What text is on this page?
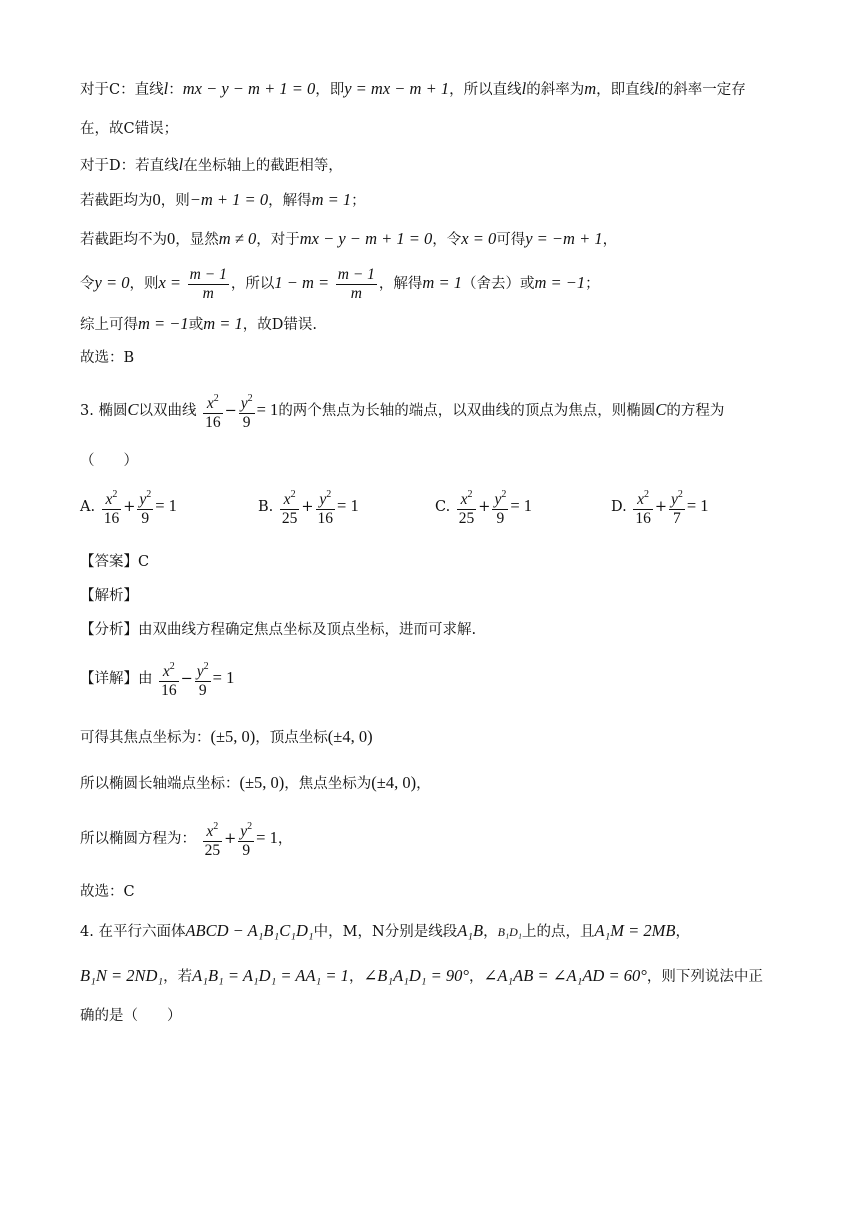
对于C：直线l：mx − y − m + 1 = 0，即y = mx − m + 1，所以直线l的斜率为m，即直线l的斜率一定存
在，故C错误；
对于D：若直线l在坐标轴上的截距相等，
若截距均为0，则−m + 1 = 0，解得m = 1；
若截距均不为0，显然m ≠ 0，对于mx − y − m + 1 = 0，令x = 0可得y = −m + 1，
令y = 0，则$x = \frac{m - 1}{m}$ ，所以$1 - m = \frac{m - 1}{m}$ ，解得m = 1（舍去）或m = −1；
综上可得m = −1或m = 1，故D错误.
故选：B
3. 椭圆C以双曲线 $\frac{x^2}{16} - \frac{y^2}{9} = 1$的两个焦点为长轴的端点，以双曲线的顶点为焦点，则椭圆C的方程为
（　　）
A. $\frac{x^2}{16} + \frac{y^2}{9} = 1$	B. $\frac{x^2}{25} + \frac{y^2}{16} = 1$	C. $\frac{x^2}{25} + \frac{y^2}{9} = 1$	D. $\frac{x^2}{16} + \frac{y^2}{7} = 1$
【答案】C
【解析】
【分析】由双曲线方程确定焦点坐标及顶点坐标，进而可求解.
【详解】由 $\frac{x^2}{16} - \frac{y^2}{9} = 1$
可得其焦点坐标为：(±5, 0)，顶点坐标(±4, 0)
所以椭圆长轴端点坐标：(±5, 0)，焦点坐标为(±4, 0)，
所以椭圆方程为： $\frac{x^2}{25} + \frac{y^2}{9} = 1$，
故选：C
4. 在平行六面体ABCD − A₁B₁C₁D₁中，M，N分别是线段A₁B，B₁D₁上的点，且A₁M = 2MB，
B₁N = 2ND₁，若A₁B₁ = A₁D₁ = AA₁ = 1，∠B₁A₁D₁ = 90°，∠A₁AB = ∠A₁AD = 60°，则下列说法中正
确的是（　　）
